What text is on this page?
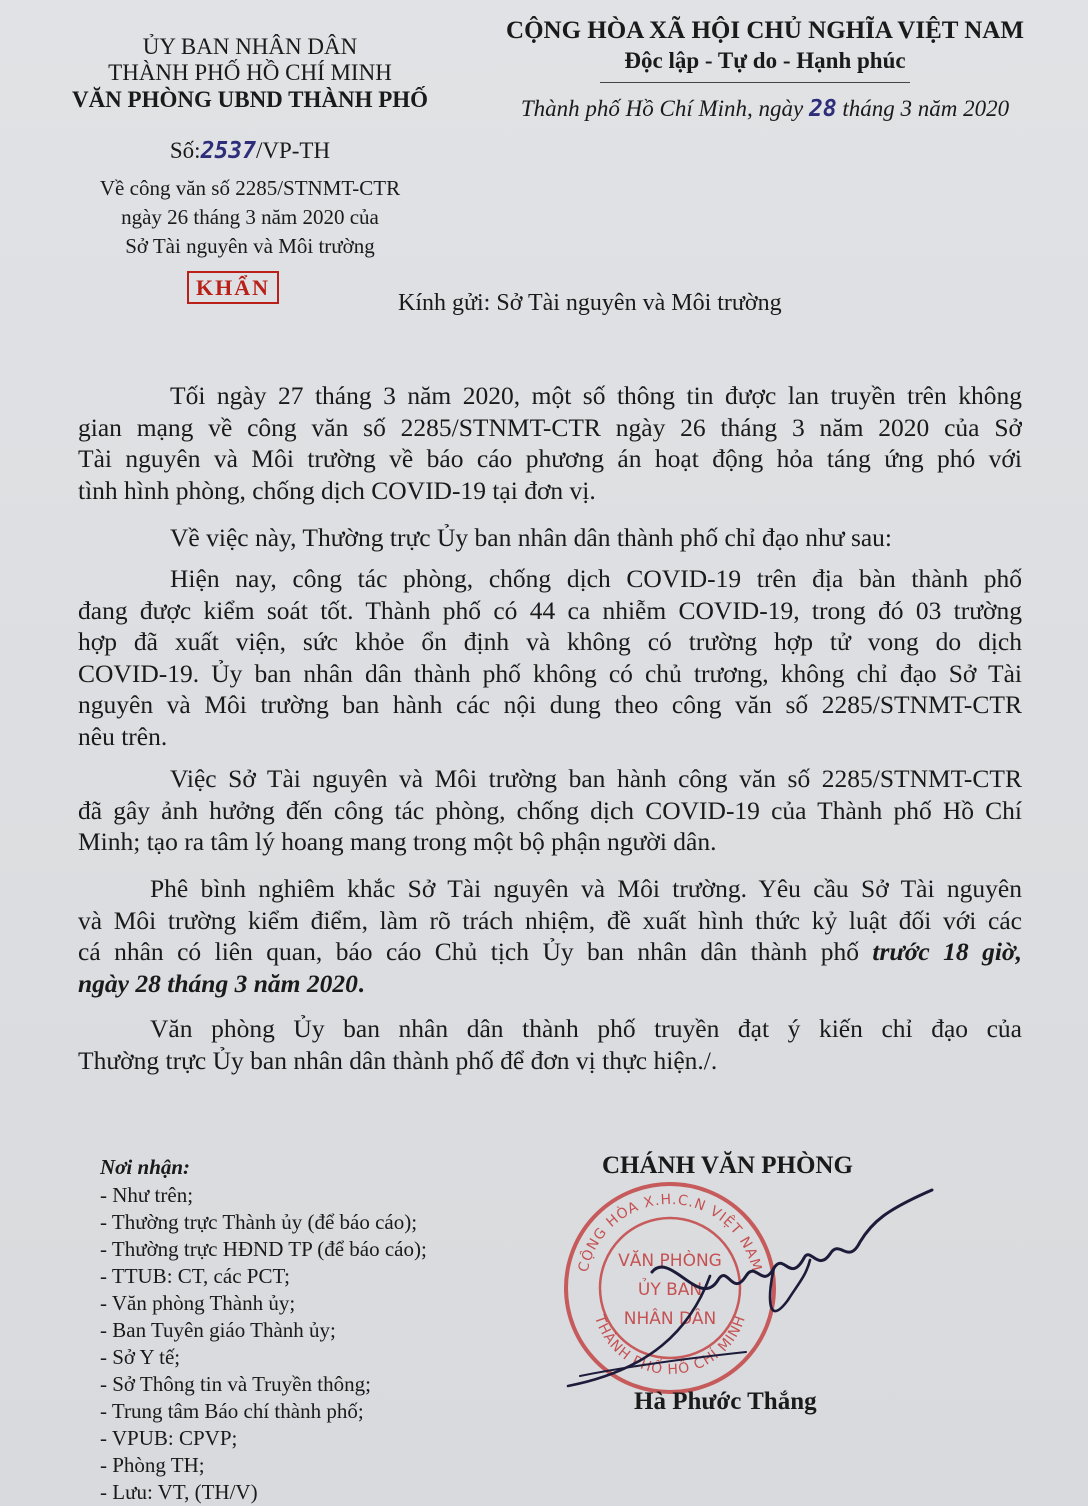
ỦY BAN NHÂN DÂN
THÀNH PHỐ HỒ CHÍ MINH
VĂN PHÒNG UBND THÀNH PHỐ
Số:2537/VP-TH
Về công văn số 2285/STNMT-CTR
ngày 26 tháng 3 năm 2020 của
Sở Tài nguyên và Môi trường
KHẨN
CỘNG HÒA XÃ HỘI CHỦ NGHĨA VIỆT NAM
Độc lập - Tự do - Hạnh phúc
Thành phố Hồ Chí Minh, ngày 28 tháng 3 năm 2020
Kính gửi: Sở Tài nguyên và Môi trường
Tối ngày 27 tháng 3 năm 2020, một số thông tin được lan truyền trên không
gian mạng về công văn số 2285/STNMT-CTR ngày 26 tháng 3 năm 2020 của Sở
Tài nguyên và Môi trường về báo cáo phương án hoạt động hỏa táng ứng phó với
tình hình phòng, chống dịch COVID-19 tại đơn vị.
Về việc này, Thường trực Ủy ban nhân dân thành phố chỉ đạo như sau:
Hiện nay, công tác phòng, chống dịch COVID-19 trên địa bàn thành phố
đang được kiểm soát tốt. Thành phố có 44 ca nhiễm COVID-19, trong đó 03 trường
hợp đã xuất viện, sức khỏe ổn định và không có trường hợp tử vong do dịch
COVID-19. Ủy ban nhân dân thành phố không có chủ trương, không chỉ đạo Sở Tài
nguyên và Môi trường ban hành các nội dung theo công văn số 2285/STNMT-CTR
nêu trên.
Việc Sở Tài nguyên và Môi trường ban hành công văn số 2285/STNMT-CTR
đã gây ảnh hưởng đến công tác phòng, chống dịch COVID-19 của Thành phố Hồ Chí
Minh; tạo ra tâm lý hoang mang trong một bộ phận người dân.
Phê bình nghiêm khắc Sở Tài nguyên và Môi trường. Yêu cầu Sở Tài nguyên
và Môi trường kiểm điểm, làm rõ trách nhiệm, đề xuất hình thức kỷ luật đối với các
cá nhân có liên quan, báo cáo Chủ tịch Ủy ban nhân dân thành phố trước 18 giờ,
ngày 28 tháng 3 năm 2020.
Văn phòng Ủy ban nhân dân thành phố truyền đạt ý kiến chỉ đạo của
Thường trực Ủy ban nhân dân thành phố để đơn vị thực hiện./.
Nơi nhận:
- Như trên;
- Thường trực Thành ủy (để báo cáo);
- Thường trực HĐND TP (để báo cáo);
- TTUB: CT, các PCT;
- Văn phòng Thành ủy;
- Ban Tuyên giáo Thành ủy;
- Sở Y tế;
- Sở Thông tin và Truyền thông;
- Trung tâm Báo chí thành phố;
- VPUB: CPVP;
- Phòng TH;
- Lưu: VT, (TH/V)
CHÁNH VĂN PHÒNG
CỘNG HÒA X.H.C.N VIỆT NAM
THÀNH PHỐ HỒ CHÍ MINH
VĂN PHÒNG
ỦY BAN
NHÂN DÂN
Hà Phước Thắng
